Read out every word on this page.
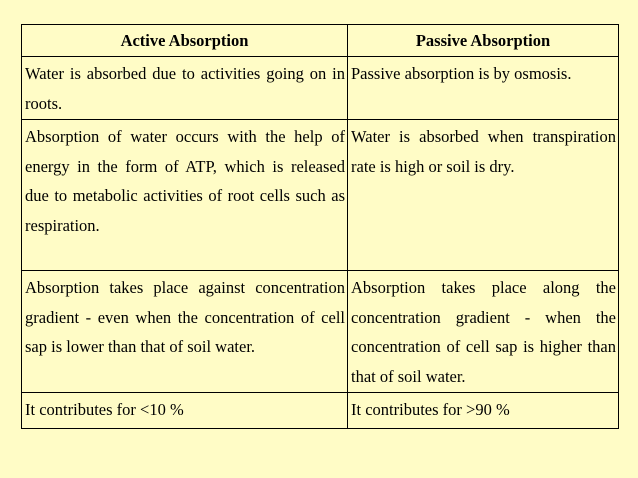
Active Absorption	Passive Absorption
Water is absorbed due to activities going on in roots.	Passive absorption is by osmosis.
Absorption of water occurs with the help of energy in the form of ATP, which is released due to metabolic activities of root cells such as respiration.	Water is absorbed when transpiration rate is high or soil is dry.
Absorption takes place against concentration gradient - even when the concentration of cell sap is lower than that of soil water.	Absorption takes place along the concentration gradient - when the concentration of cell sap is higher than that of soil water.
It contributes for <10 %	It contributes for >90 %
